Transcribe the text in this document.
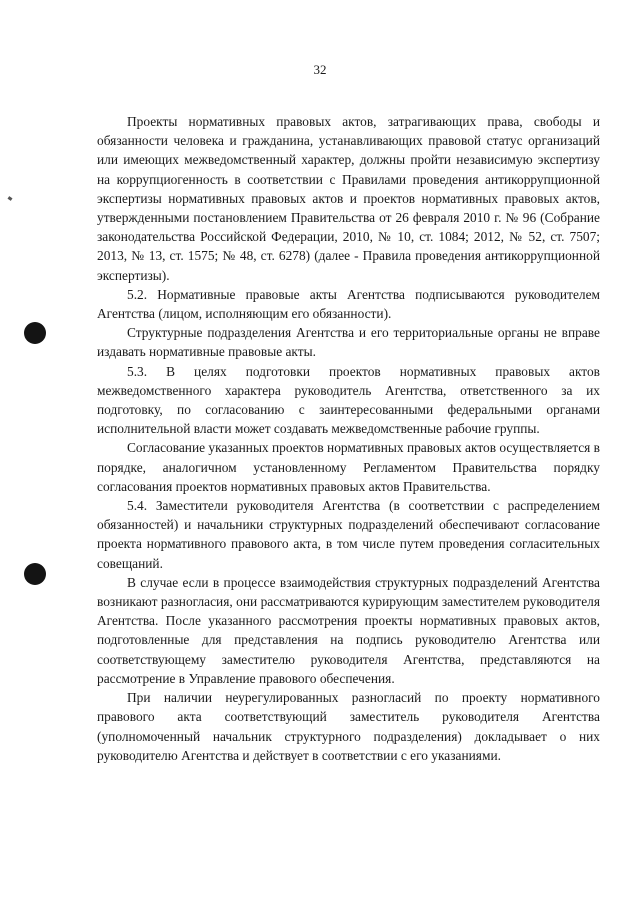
32

Проекты нормативных правовых актов, затрагивающих права, свободы и обязанности человека и гражданина, устанавливающих правовой статус организаций или имеющих межведомственный характер, должны пройти независимую экспертизу на коррупциогенность в соответствии с Правилами проведения антикоррупционной экспертизы нормативных правовых актов и проектов нормативных правовых актов, утвержденными постановлением Правительства от 26 февраля 2010 г. № 96 (Собрание законодательства Российской Федерации, 2010, № 10, ст. 1084; 2012, № 52, ст. 7507; 2013, № 13, ст. 1575; № 48, ст. 6278) (далее - Правила проведения антикоррупционной экспертизы).

5.2. Нормативные правовые акты Агентства подписываются руководителем Агентства (лицом, исполняющим его обязанности).

Структурные подразделения Агентства и его территориальные органы не вправе издавать нормативные правовые акты.

5.3. В целях подготовки проектов нормативных правовых актов межведомственного характера руководитель Агентства, ответственного за их подготовку, по согласованию с заинтересованными федеральными органами исполнительной власти может создавать межведомственные рабочие группы.

Согласование указанных проектов нормативных правовых актов осуществляется в порядке, аналогичном установленному Регламентом Правительства порядку согласования проектов нормативных правовых актов Правительства.

5.4. Заместители руководителя Агентства (в соответствии с распределением обязанностей) и начальники структурных подразделений обеспечивают согласование проекта нормативного правового акта, в том числе путем проведения согласительных совещаний.

В случае если в процессе взаимодействия структурных подразделений Агентства возникают разногласия, они рассматриваются курирующим заместителем руководителя Агентства. После указанного рассмотрения проекты нормативных правовых актов, подготовленные для представления на подпись руководителю Агентства или соответствующему заместителю руководителя Агентства, представляются на рассмотрение в Управление правового обеспечения.

При наличии неурегулированных разногласий по проекту нормативного правового акта соответствующий заместитель руководителя Агентства (уполномоченный начальник структурного подразделения) докладывает о них руководителю Агентства и действует в соответствии с его указаниями.
